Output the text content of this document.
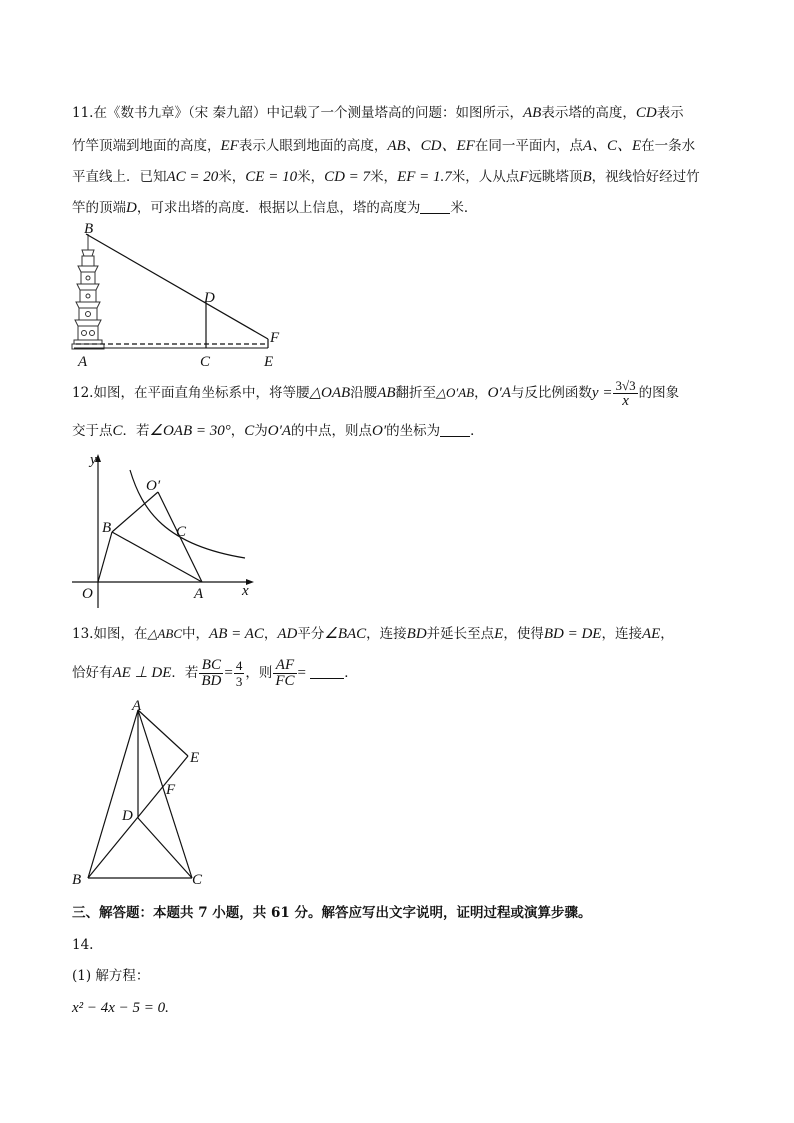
11.在《数书九章》（宋 秦九韶）中记载了一个测量塔高的问题：如图所示，AB表示塔的高度，CD表示
竹竿顶端到地面的高度，EF表示人眼到地面的高度，AB、CD、EF在同一平面内，点A、C、E在一条水
平直线上．已知AC = 20米，CE = 10米，CD = 7米，EF = 1.7米，人从点F远眺塔顶B，视线恰好经过竹
竿的顶端D，可求出塔的高度．根据以上信息，塔的高度为 米．
B
D
F
A	C	E
12.如图，在平面直角坐标系中，将等腰△OAB沿腰AB翻折至△O′AB，O′A与反比例函数$y = \frac{3√3}{x}$ 的图象
交于点C．若∠OAB = 30°，C为O′A的中点，则点O′的坐标为 ．
y
x
O	A
B	C
O′
13.如图，在△ABC中，AB = AC，AD平分∠BAC，连接BD并延长至点E，使得BD = DE，连接AE，
恰好有AE ⊥ DE．若 $\frac{BC}{BD} = \frac{4}{3}$ ，则 $\frac{AF}{FC}$ =	．
A
E
F
D
B	C
三、解答题：本题共 7 小题，共 61 分。解答应写出文字说明，证明过程或演算步骤。
14.
(1) 解方程：
x² − 4x − 5 = 0.
